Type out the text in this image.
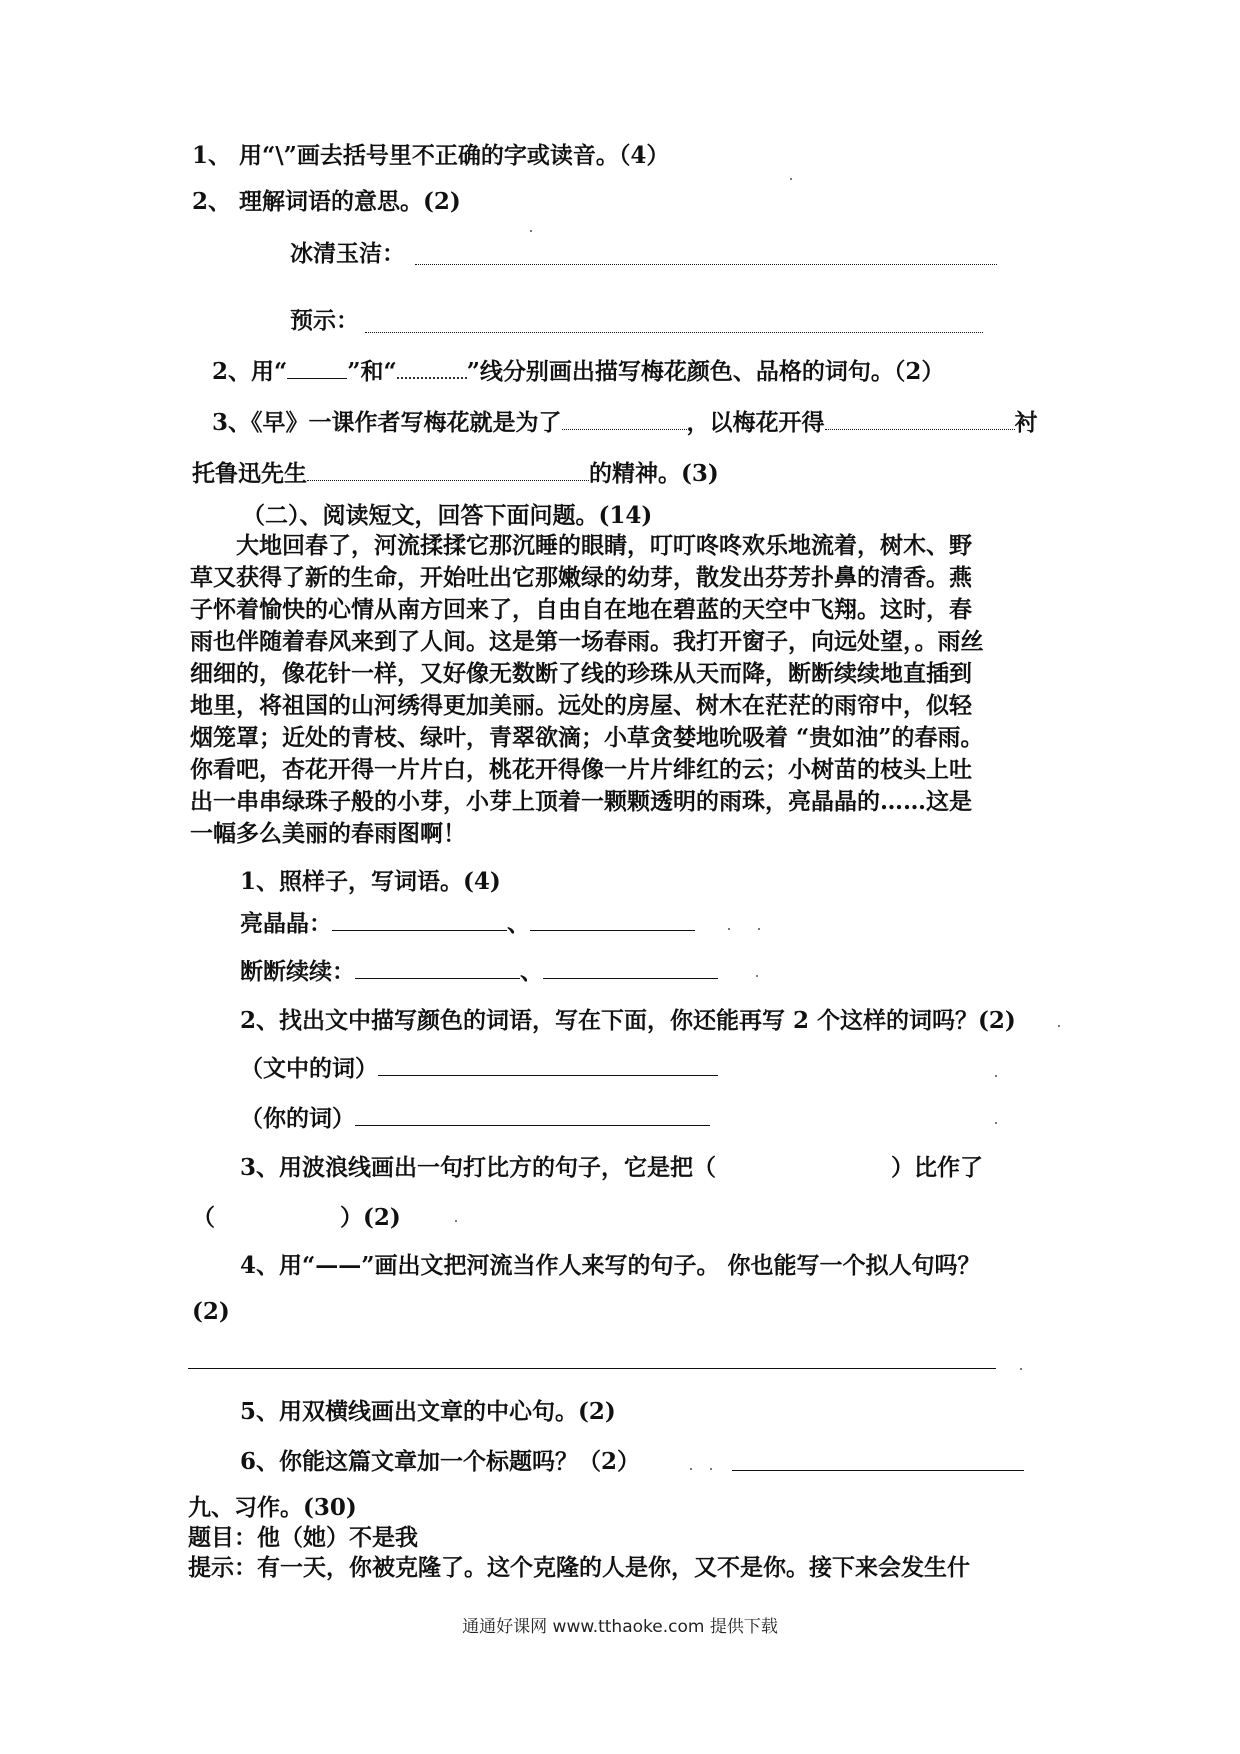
1、 用“\”画去括号里不正确的字或读音。（4）
2、 理解词语的意思。(2)
冰清玉洁：
预示：
2、用“	”和“	”线分别画出描写梅花颜色、品格的词句。（2）
3、《早》一课作者写梅花就是为了	，以梅花开得	衬
托鲁迅先生	的精神。(3)
（二）、阅读短文，回答下面问题。(14)
大地回春了，河流揉揉它那沉睡的眼睛，叮叮咚咚欢乐地流着，树木、野
草又获得了新的生命，开始吐出它那嫩绿的幼芽，散发出芬芳扑鼻的清香。燕
子怀着愉快的心情从南方回来了，自由自在地在碧蓝的天空中飞翔。这时，春
雨也伴随着春风来到了人间。这是第一场春雨。我打开窗子，向远处望，。雨丝
细细的，像花针一样，又好像无数断了线的珍珠从天而降，断断续续地直插到
地里，将祖国的山河绣得更加美丽。远处的房屋、树木在茫茫的雨帘中，似轻
烟笼罩；近处的青枝、绿叶，青翠欲滴；小草贪婪地吮吸着 “贵如油”的春雨。
你看吧，杏花开得一片片白，桃花开得像一片片绯红的云；小树苗的枝头上吐
出一串串绿珠子般的小芽，小芽上顶着一颗颗透明的雨珠，亮晶晶的……这是
一幅多么美丽的春雨图啊！
1、照样子，写词语。(4)
亮晶晶：	、
断断续续：	、
2、找出文中描写颜色的词语，写在下面，你还能再写 2 个这样的词吗？(2)
（文中的词）
（你的词）
3、用波浪线画出一句打比方的句子，它是把（	）比作了
（	）(2)
4、用“——”画出文把河流当作人来写的句子。 你也能写一个拟人句吗？
(2)
5、用双横线画出文章的中心句。(2)
6、你能这篇文章加一个标题吗？（2）
九、习作。(30)
题目：他（她）不是我
提示：有一天，你被克隆了。这个克隆的人是你，又不是你。接下来会发生什
通通好课网 www.tthaoke.com 提供下载
